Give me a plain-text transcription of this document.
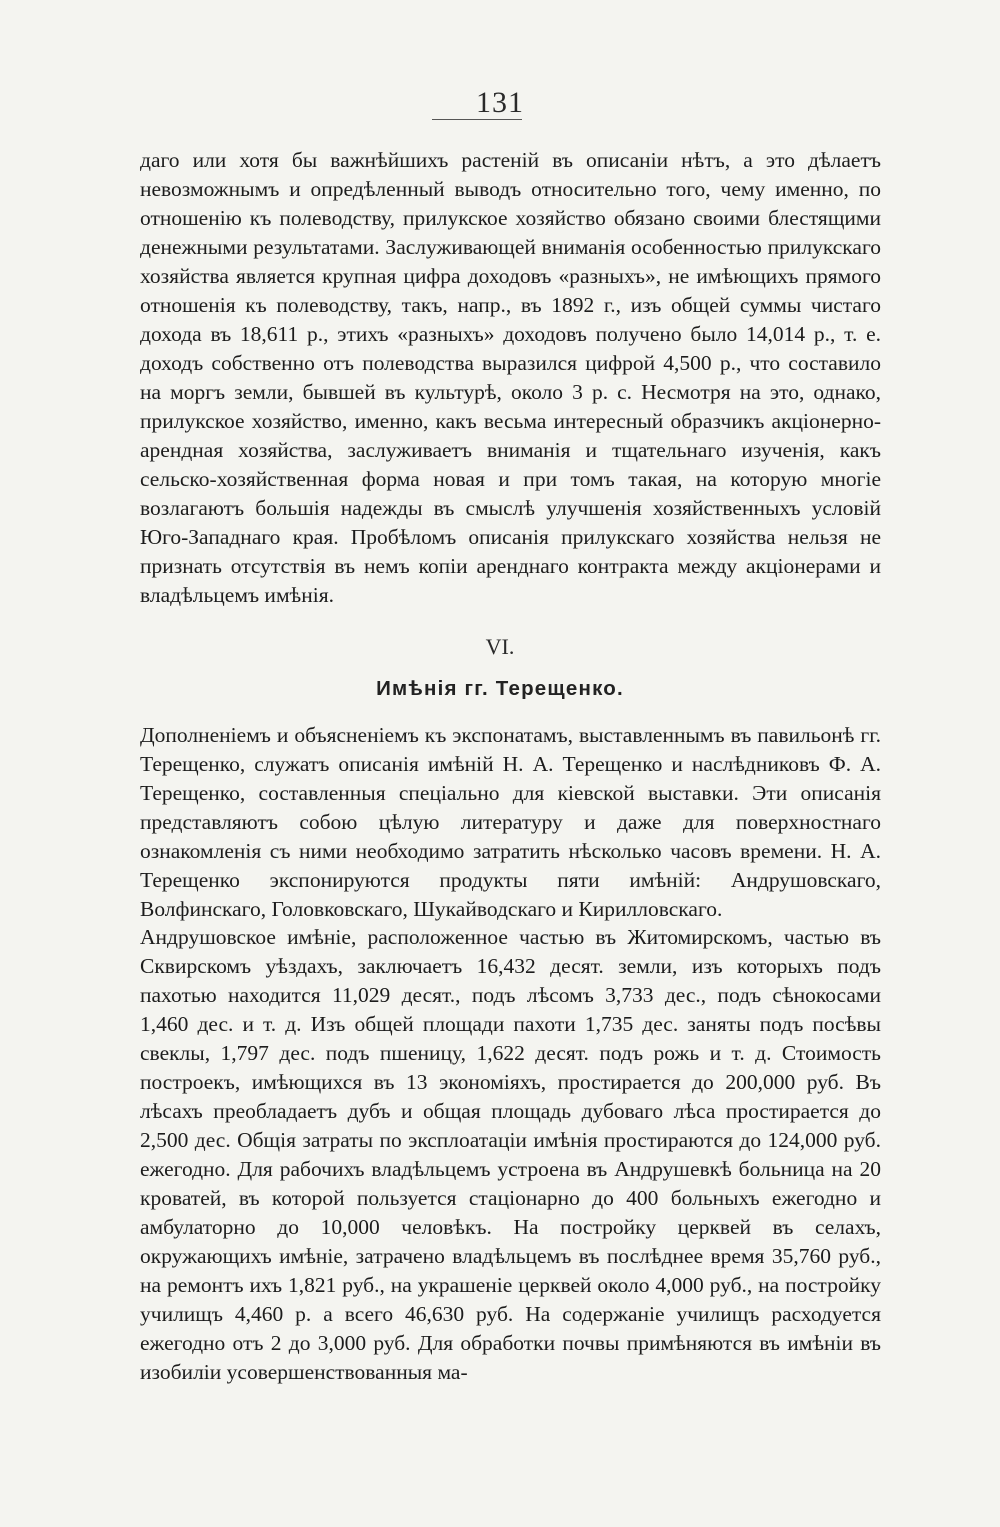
131

даго или хотя бы важнѣйшихъ растеній въ описаніи нѣтъ, а это дѣлаетъ невозможнымъ и опредѣленный выводъ относительно того, чему именно, по отношенію къ полеводству, прилукское хозяйство обязано своими блестящими денежными результатами. Заслуживающей вниманія особенностью прилукскаго хозяйства является крупная цифра доходовъ «разныхъ», не имѣющихъ прямого отношенія къ полеводству, такъ, напр., въ 1892 г., изъ общей суммы чистаго дохода въ 18,611 р., этихъ «разныхъ» доходовъ получено было 14,014 р., т. е. доходъ собственно отъ полеводства выразился цифрой 4,500 р., что составило на моргъ земли, бывшей въ культурѣ, около 3 р. с. Несмотря на это, однако, прилукское хозяйство, именно, какъ весьма интересный образчикъ акціонерно-арендная хозяйства, заслуживаетъ вниманія и тщательнаго изученія, какъ сельско-хозяйственная форма новая и при томъ такая, на которую многіе возлагаютъ большія надежды въ смыслѣ улучшенія хозяйственныхъ условій Юго-Западнаго края. Пробѣломъ описанія прилукскаго хозяйства нельзя не признать отсутствія въ немъ копіи аренднаго контракта между акціонерами и владѣльцемъ имѣнія.

VI.
Имѣнія гг. Терещенко.

Дополненіемъ и объясненіемъ къ экспонатамъ, выставленнымъ въ павильонѣ гг. Терещенко, служатъ описанія имѣній Н. А. Терещенко и наслѣдниковъ Ф. А. Терещенко, составленныя спеціально для кіевской выставки. Эти описанія представляютъ собою цѣлую литературу и даже для поверхностнаго ознакомленія съ ними необходимо затратить нѣсколько часовъ времени. Н. А. Терещенко экспонируются продукты пяти имѣній: Андрушовскаго, Волфинскаго, Головковскаго, Шукайводскаго и Кирилловскаго.

Андрушовское имѣніе, расположенное частью въ Житомирскомъ, частью въ Сквирскомъ уѣздахъ, заключаетъ 16,432 десят. земли, изъ которыхъ подъ пахотью находится 11,029 десят., подъ лѣсомъ 3,733 дес., подъ сѣнокосами 1,460 дес. и т. д. Изъ общей площади пахоти 1,735 дес. заняты подъ посѣвы свеклы, 1,797 дес. подъ пшеницу, 1,622 десят. подъ рожь и т. д. Стоимость построекъ, имѣющихся въ 13 экономіяхъ, простирается до 200,000 руб. Въ лѣсахъ преобладаетъ дубъ и общая площадь дубоваго лѣса простирается до 2,500 дес. Общія затраты по эксплоатаціи имѣнія простираются до 124,000 руб. ежегодно. Для рабочихъ владѣльцемъ устроена въ Андрушевкѣ больница на 20 кроватей, въ которой пользуется стаціонарно до 400 больныхъ ежегодно и амбулаторно до 10,000 человѣкъ. На постройку церквей въ селахъ, окружающихъ имѣніе, затрачено владѣльцемъ въ послѣднее время 35,760 руб., на ремонтъ ихъ 1,821 руб., на украшеніе церквей около 4,000 руб., на постройку училищъ 4,460 р. а всего 46,630 руб. На содержаніе училищъ расходуется ежегодно отъ 2 до 3,000 руб. Для обработки почвы примѣняются въ имѣніи въ изобиліи усовершенствованныя ма-
